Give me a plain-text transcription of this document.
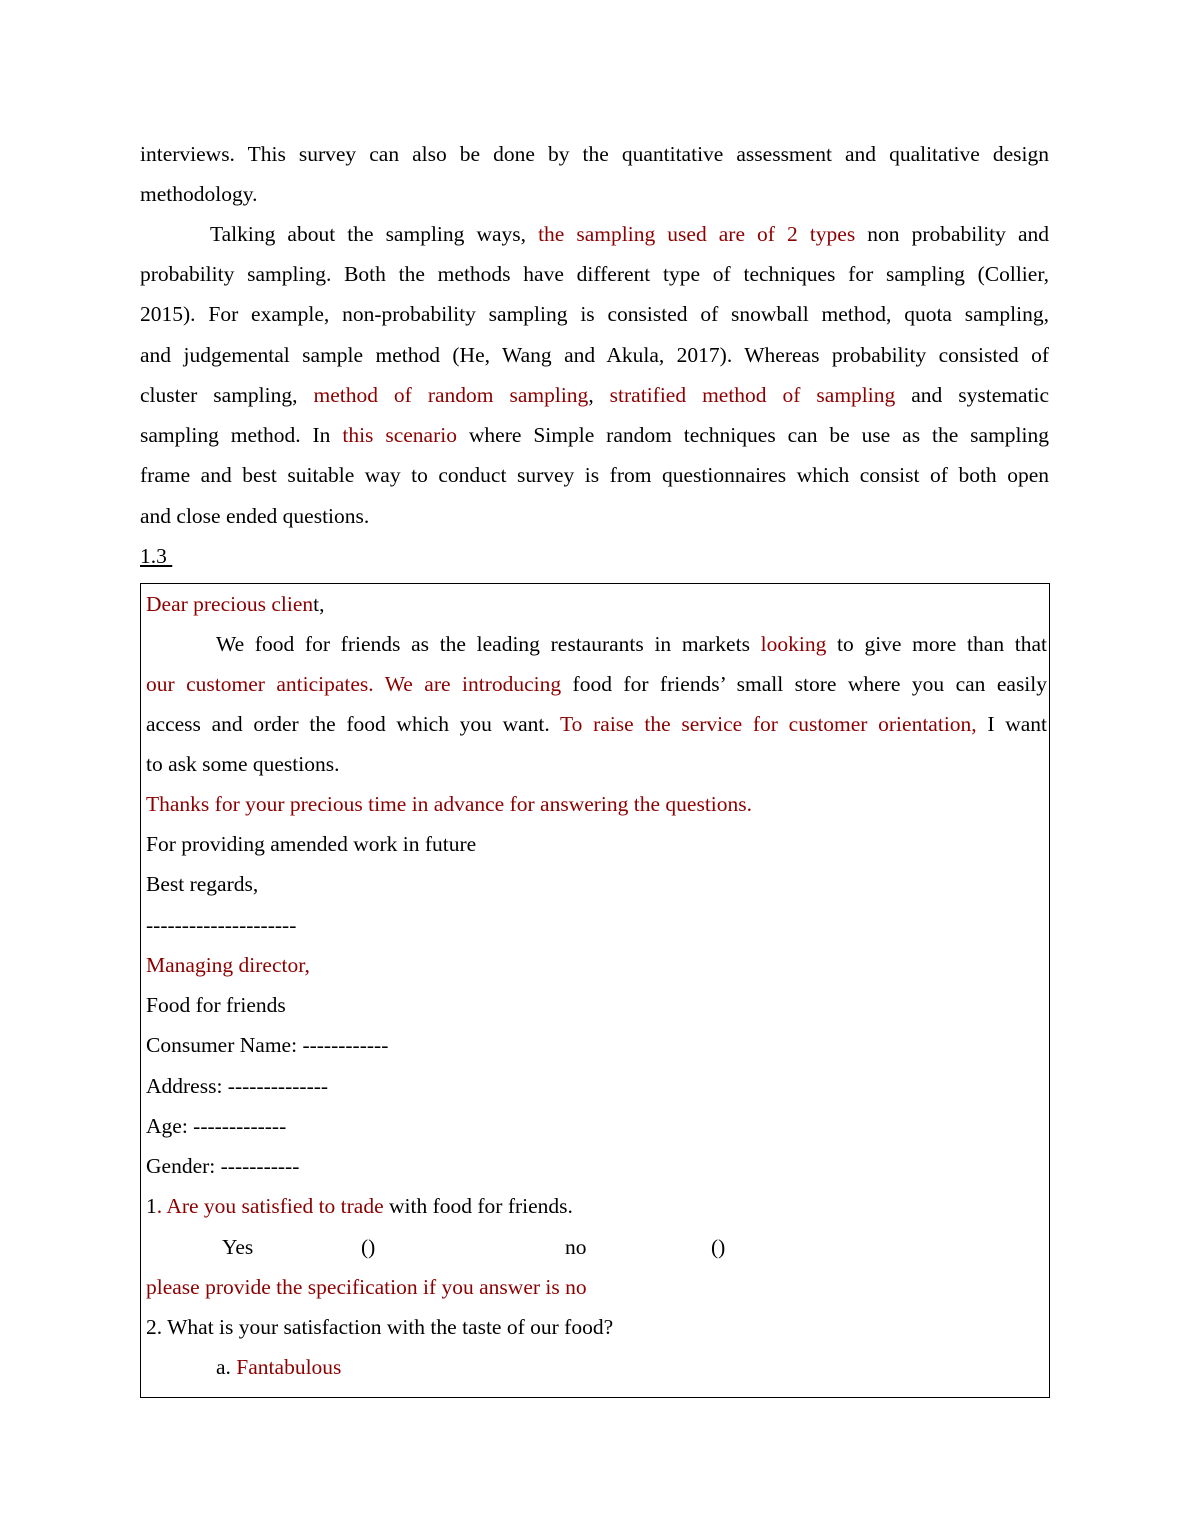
interviews. This survey can also be done by the quantitative assessment and qualitative design
methodology.
Talking about the sampling ways, the sampling used are of 2 types non probability and
probability sampling. Both the methods have different type of techniques for sampling (Collier,
2015). For example, non-probability sampling is consisted of snowball method, quota sampling,
and judgemental sample method (He, Wang and Akula, 2017). Whereas probability consisted of
cluster sampling, method of random sampling, stratified method of sampling and systematic
sampling method. In this scenario where Simple random techniques can be use as the sampling
frame and best suitable way to conduct survey is from questionnaires which consist of both open
and close ended questions.
1.3
Dear precious client,
We food for friends as the leading restaurants in markets looking to give more than that
our customer anticipates. We are introducing food for friends’ small store where you can easily
access and order the food which you want. To raise the service for customer orientation, I want
to ask some questions.
Thanks for your precious time in advance for answering the questions.
For providing amended work in future
Best regards,
---------------------
Managing director,
Food for friends
Consumer Name: ------------
Address: --------------
Age: -------------
Gender: -----------
1. Are you satisfied to trade with food for friends.
Yes	()	no	()
please provide the specification if you answer is no
2. What is your satisfaction with the taste of our food?
a. Fantabulous
